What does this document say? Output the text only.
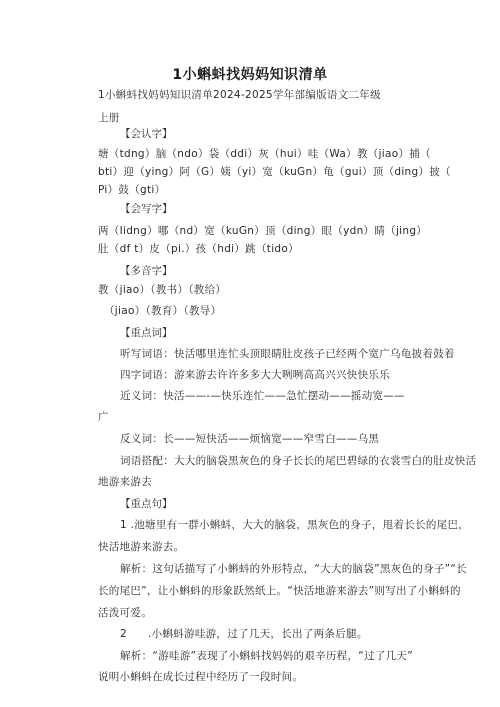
1小蝌蚪找妈妈知识清单
1小蝌蚪找妈妈知识清单2024-2025学年部编版语文二年级
上册
【会认字】
塘（tdng）脑（ndo）袋（ddi）灰（hui）哇（Wa）教（jiao）捕（
bti）迎（ying）阿（G）姨（yi）宽（kuGn）龟（gui）顶（ding）披（
Pi）鼓（gti）
【会写字】
两（Iidng）哪（nd）宽（kuGn）顶（ding）眼（ydn）睛（jing）
肚（df t）皮（pi.）孩（hdi）跳（tido）
【多音字】
教（jiao）（教书）（教给）
（jiao）（教育）（教导）
【重点词】
听写词语：快活哪里连忙头顶眼睛肚皮孩子已经两个宽广乌龟披着鼓着
四字词语：游来游去许许多多大大咧咧高高兴兴快快乐乐
近义词：快活——-—快乐连忙——急忙摆动——摇动宽——
广
反义词：长——短快活——烦恼宽——窄雪白——乌黑
词语搭配：大大的脑袋黑灰色的身子长长的尾巴碧绿的衣裳雪白的肚皮快活
地游来游去
【重点句】
1 .池塘里有一群小蝌蚪，大大的脑袋，黑灰色的身子，甩着长长的尾巴，
快活地游来游去。
解析：这句话描写了小蝌蚪的外形特点，“大大的脑袋”黑灰色的身子”“长
长的尾巴”，让小蝌蚪的形象跃然纸上。“快活地游来游去”则写出了小蝌蚪的
活泼可爱。
2 .小蝌蚪游哇游，过了几天，长出了两条后腿。
解析：“游哇游”表现了小蝌蚪找妈妈的艰辛历程，“过了几天”
说明小蝌蚪在成长过程中经历了一段时间。
